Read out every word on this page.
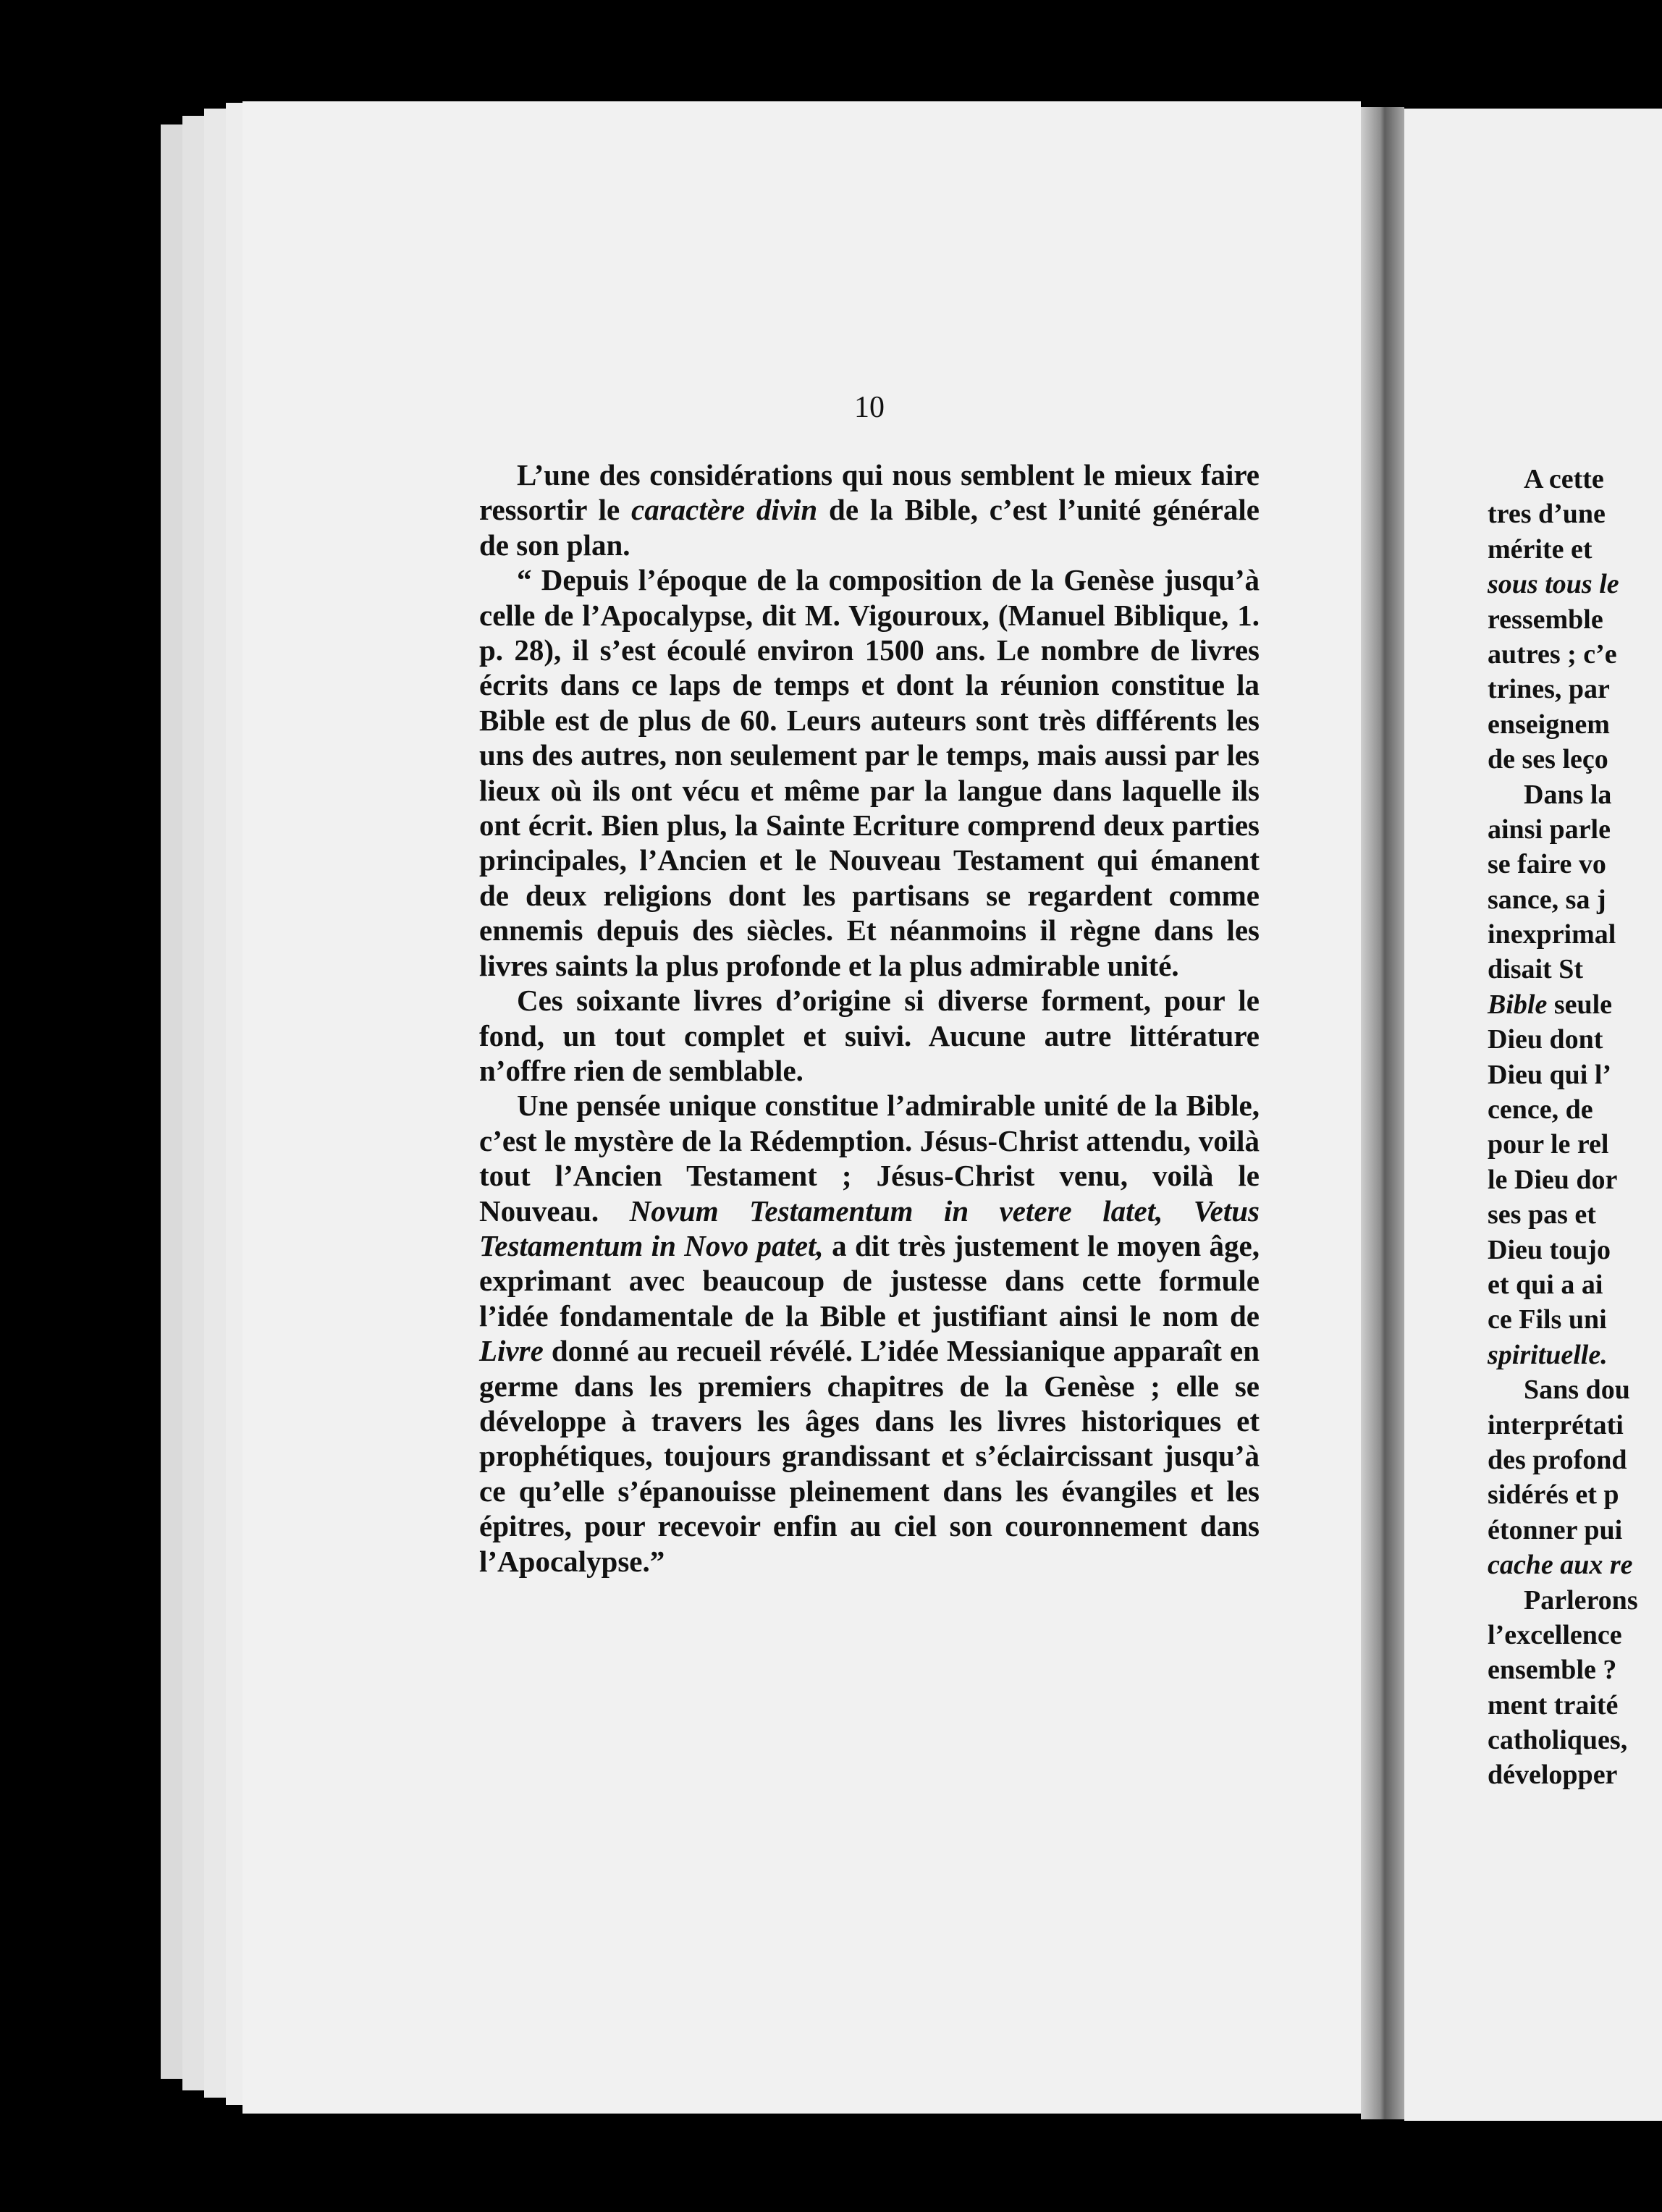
10

L’une des considérations qui nous semblent le mieux faire ressortir le caractère divin de la Bible, c’est l’unité générale de son plan.

“ Depuis l’époque de la composition de la Genèse jusqu’à celle de l’Apocalypse, dit M. Vigouroux, (Manuel Biblique, 1. p. 28), il s’est écoulé environ 1500 ans. Le nombre de livres écrits dans ce laps de temps et dont la réunion constitue la Bible est de plus de 60. Leurs auteurs sont très différents les uns des autres, non seulement par le temps, mais aussi par les lieux où ils ont vécu et même par la langue dans laquelle ils ont écrit. Bien plus, la Sainte Ecriture comprend deux parties principales, l’Ancien et le Nouveau Testament qui émanent de deux religions dont les partisans se regardent comme ennemis depuis des siècles. Et néanmoins il règne dans les livres saints la plus profonde et la plus admirable unité.

Ces soixante livres d’origine si diverse forment, pour le fond, un tout complet et suivi. Aucune autre littérature n’offre rien de semblable.

Une pensée unique constitue l’admirable unité de la Bible, c’est le mystère de la Rédemption. Jésus-Christ attendu, voilà tout l’Ancien Testament ; Jésus-Christ venu, voilà le Nouveau. Novum Testamentum in vetere latet, Vetus Testamentum in Novo patet, a dit très justement le moyen âge, exprimant avec beaucoup de justesse dans cette formule l’idée fondamentale de la Bible et justifiant ainsi le nom de Livre donné au recueil révélé. L’idée Messianique apparaît en germe dans les premiers chapitres de la Genèse ; elle se développe à travers les âges dans les livres historiques et prophétiques, toujours grandissant et s’éclaircissant jusqu’à ce qu’elle s’épanouisse pleinement dans les évangiles et les épitres, pour recevoir enfin au ciel son couronnement dans l’Apocalypse.”

A cette
tres d’une
mérite et
sous tous le
ressemble
autres ; c’e
trines, par
enseignem
de ses leço
Dans la
ainsi parle
se faire vo
sance, sa j
inexprimal
disait St
Bible seule
Dieu dont
Dieu qui l’
cence, de
pour le rel
le Dieu dor
ses pas et
Dieu toujo
et qui a ai
ce Fils uni
spirituelle.
Sans dou
interprétati
des profond
sidérés et p
étonner pui
cache aux re
Parlerons
l’excellence
ensemble ?
ment traité
catholiques,
développer
